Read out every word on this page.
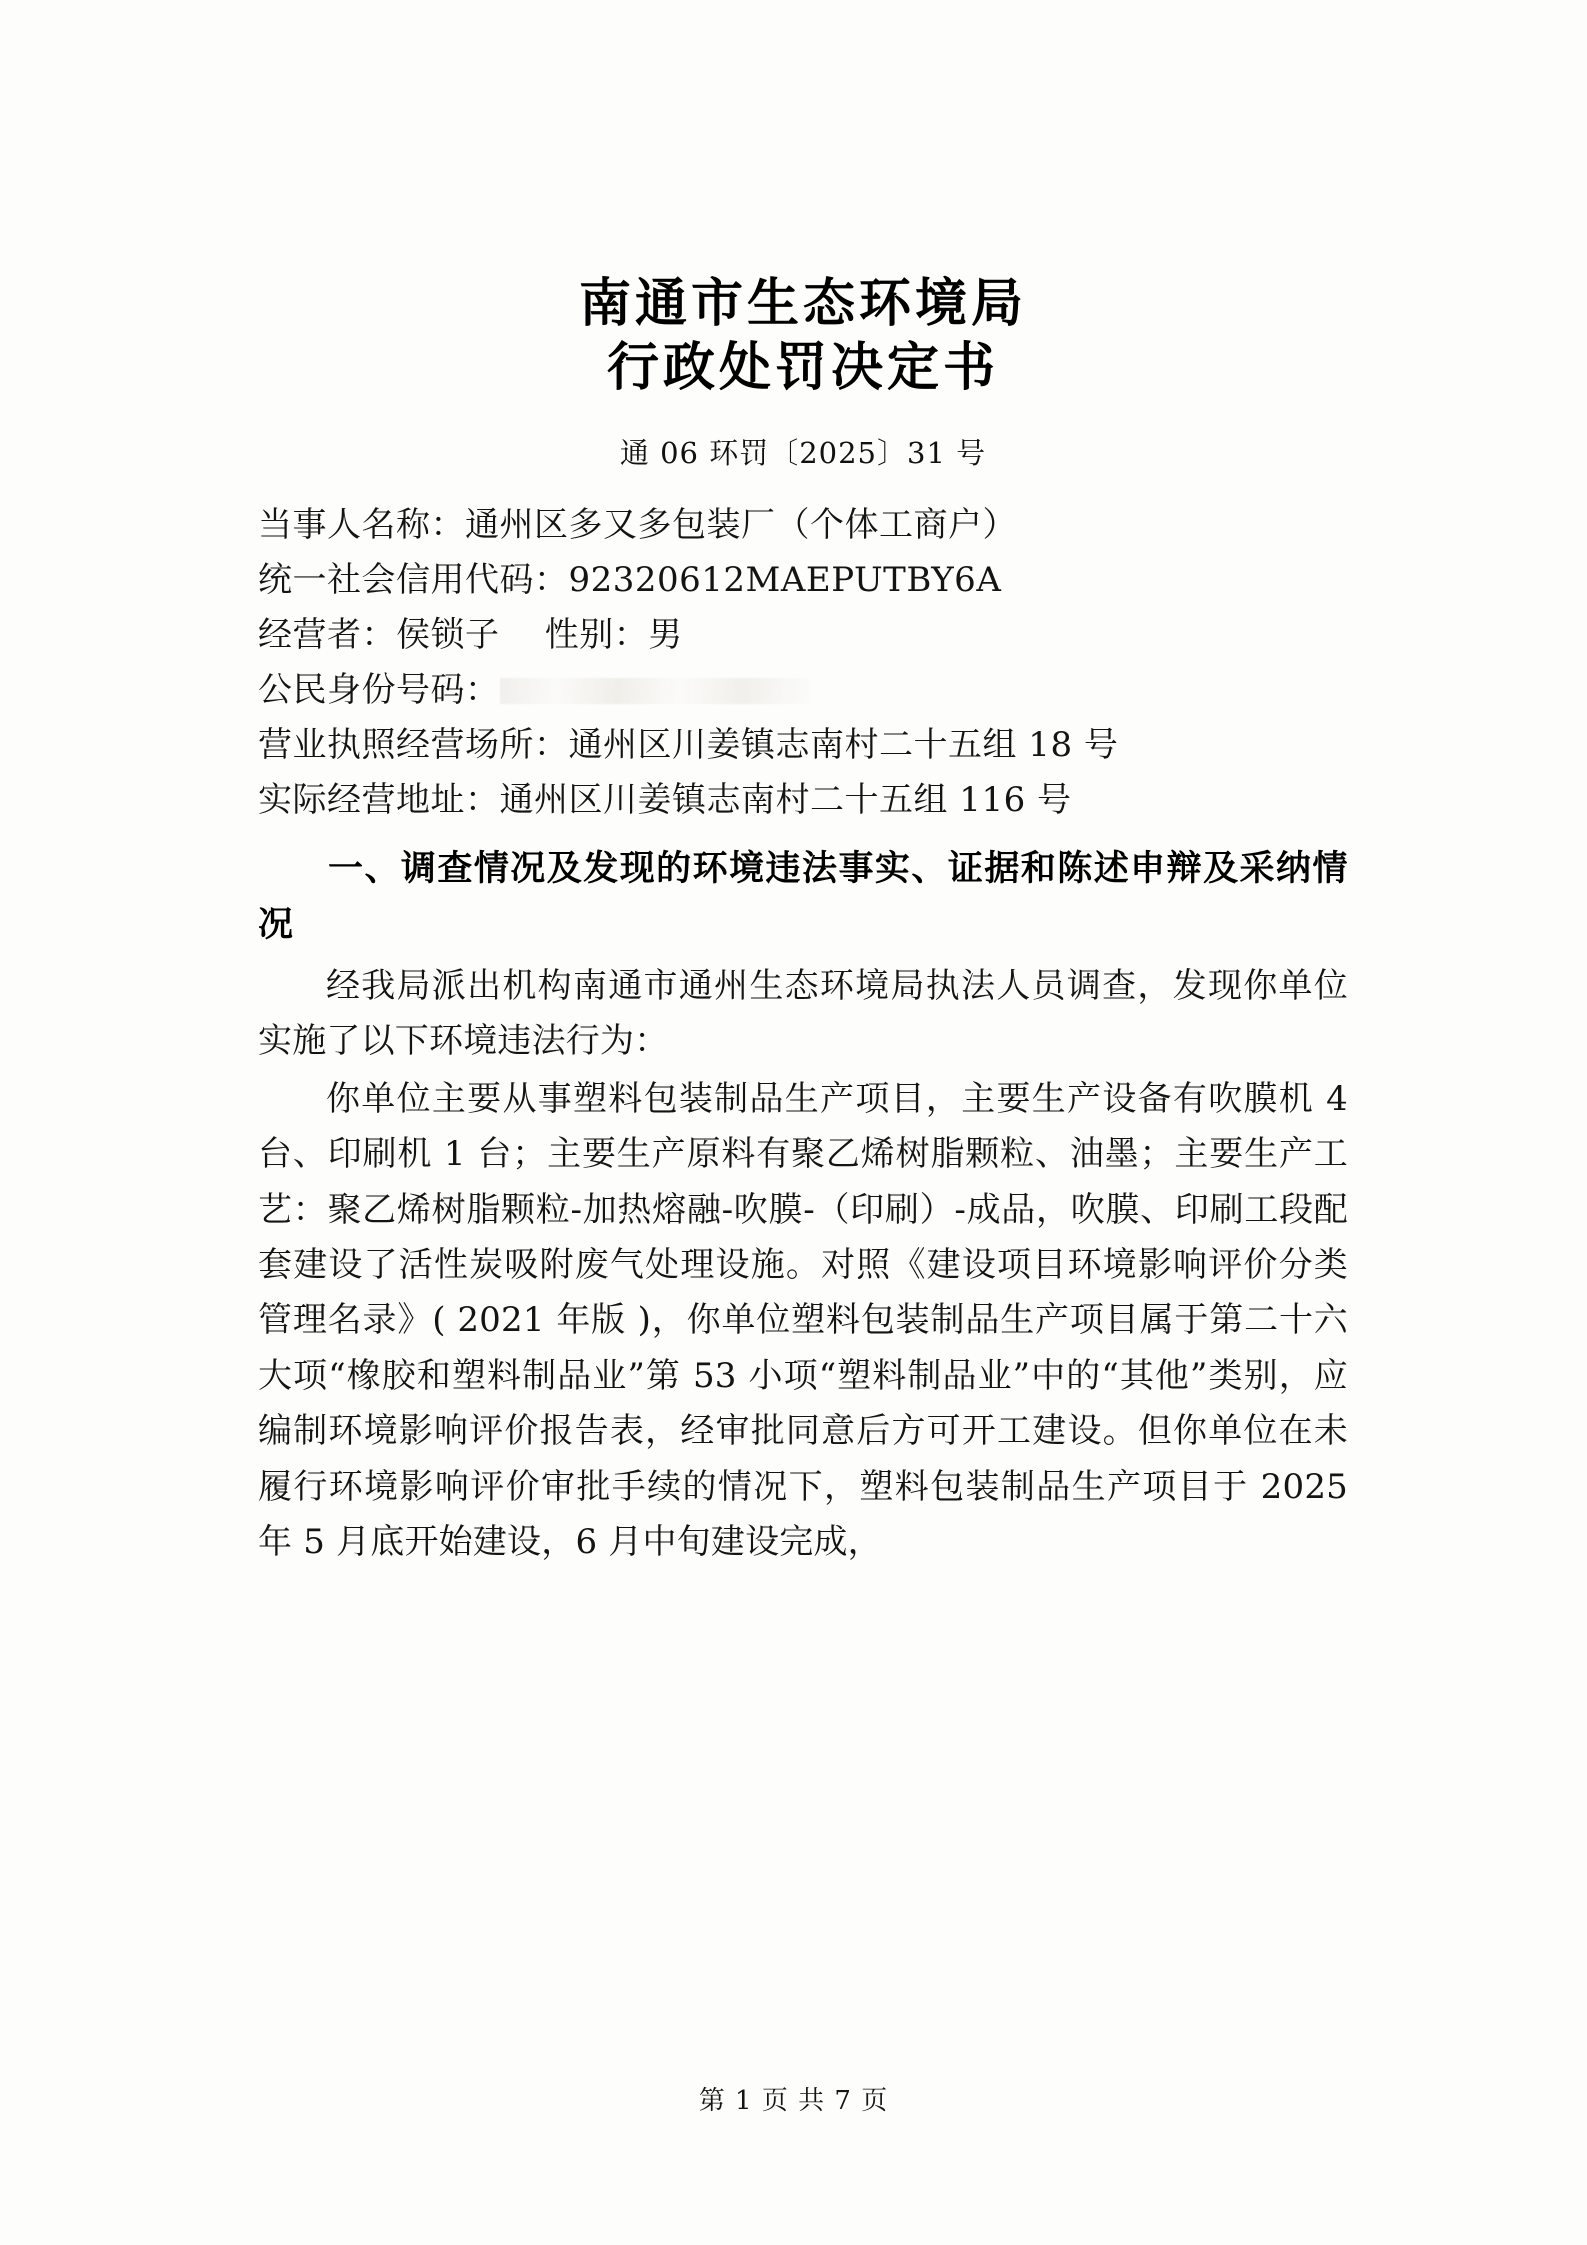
南通市生态环境局
行政处罚决定书
通 06 环罚〔2025〕31 号
当事人名称：通州区多又多包装厂（个体工商户）
统一社会信用代码：92320612MAEPUTBY6A
经营者：侯锁子    性别：男
公民身份号码：
营业执照经营场所：通州区川姜镇志南村二十五组 18 号
实际经营地址：通州区川姜镇志南村二十五组 116 号
一、调查情况及发现的环境违法事实、证据和陈述申辩及采纳情况
经我局派出机构南通市通州生态环境局执法人员调查，发现你单位实施了以下环境违法行为：
你单位主要从事塑料包装制品生产项目，主要生产设备有吹膜机 4 台、印刷机 1 台；主要生产原料有聚乙烯树脂颗粒、油墨；主要生产工艺：聚乙烯树脂颗粒-加热熔融-吹膜-（印刷）-成品，吹膜、印刷工段配套建设了活性炭吸附废气处理设施。对照《建设项目环境影响评价分类管理名录》( 2021 年版 )，你单位塑料包装制品生产项目属于第二十六大项“橡胶和塑料制品业”第 53 小项“塑料制品业”中的“其他”类别，应编制环境影响评价报告表，经审批同意后方可开工建设。但你单位在未履行环境影响评价审批手续的情况下，塑料包装制品生产项目于 2025 年 5 月底开始建设，6 月中旬建设完成，
第 1 页 共 7 页
